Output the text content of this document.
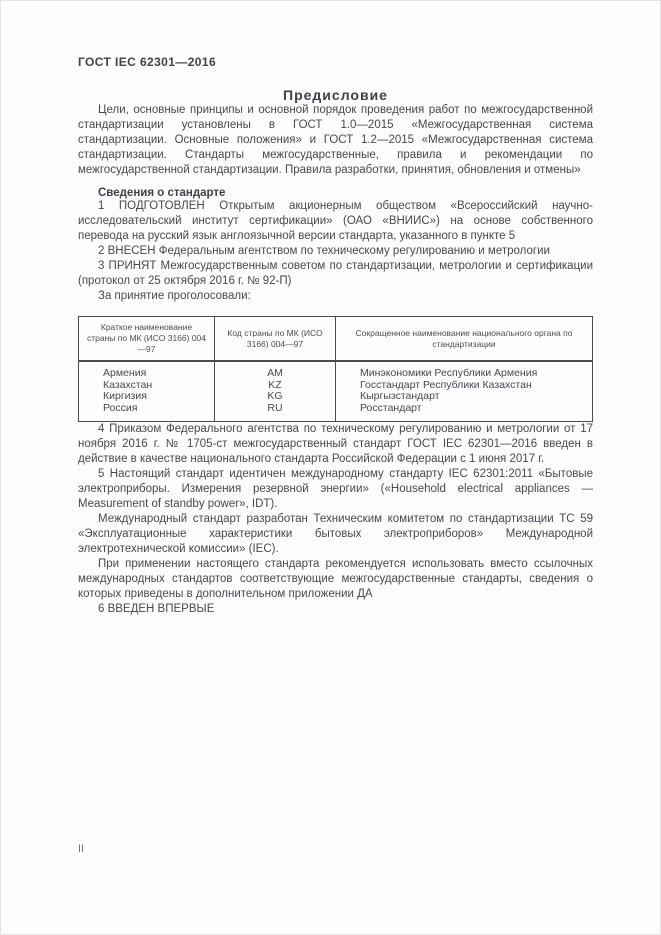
ГОСТ IEC 62301—2016
Предисловие

Цели, основные принципы и основной порядок проведения работ по межгосударственной стандартизации установлены в ГОСТ 1.0—2015 «Межгосударственная система стандартизации. Основные положения» и ГОСТ 1.2—2015 «Межгосударственная система стандартизации. Стандарты межгосударственные, правила и рекомендации по межгосударственной стандартизации. Правила разработки, принятия, обновления и отмены»

Сведения о стандарте

1 ПОДГОТОВЛЕН Открытым акционерным обществом «Всероссийский научно-исследовательский институт сертификации» (ОАО «ВНИИС») на основе собственного перевода на русский язык англоязычной версии стандарта, указанного в пункте 5

2 ВНЕСЕН Федеральным агентством по техническому регулированию и метрологии

3 ПРИНЯТ Межгосударственным советом по стандартизации, метрологии и сертификации (протокол от 25 октября 2016 г. № 92-П)

За принятие проголосовали:

Краткое наименование страны по МК (ИСО 3166) 004—97	Код страны по МК (ИСО 3166) 004—97	Сокращенное наименование национального органа по стандартизации
Армения	AM	Минэкономики Республики Армения
Казахстан	KZ	Госстандарт Республики Казахстан
Киргизия	KG	Кыргызстандарт
Россия	RU	Росстандарт

4 Приказом Федерального агентства по техническому регулированию и метрологии от 17 ноября 2016 г. № 1705-ст межгосударственный стандарт ГОСТ IEC 62301—2016 введен в действие в качестве национального стандарта Российской Федерации с 1 июня 2017 г.

5 Настоящий стандарт идентичен международному стандарту IEC 62301:2011 «Бытовые электроприборы. Измерения резервной энергии» («Household electrical appliances — Measurement of standby power», IDT).

Международный стандарт разработан Техническим комитетом по стандартизации ТС 59 «Эксплуатационные характеристики бытовых электроприборов» Международной электротехнической комиссии» (IEC).

При применении настоящего стандарта рекомендуется использовать вместо ссылочных международных стандартов соответствующие межгосударственные стандарты, сведения о которых приведены в дополнительном приложении ДА

6 ВВЕДЕН ВПЕРВЫЕ

II
